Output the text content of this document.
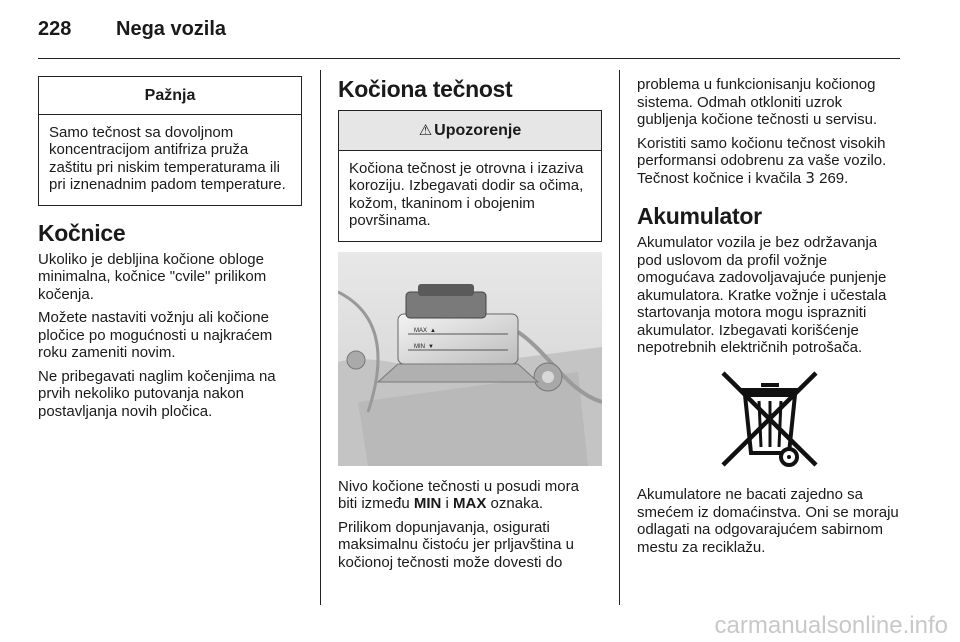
228 Nega vozila
Pažnja
Samo tečnost sa dovoljnom koncentracijom antifriza pruža zaštitu pri niskim temperaturama ili pri iznenadnim padom temperature.
Kočnice

Ukoliko je debljina kočione obloge minimalna, kočnice "cvile" prilikom kočenja.

Možete nastaviti vožnju ali kočione pločice po mogućnosti u najkraćem roku zameniti novim.

Ne pribegavati naglim kočenjima na prvih nekoliko putovanja nakon postavljanja novih pločica.

Kočiona tečnost
⚠ Upozorenje
Kočiona tečnost je otrovna i izaziva koroziju. Izbegavati dodir sa očima, kožom, tkaninom i obojenim površinama.
MAX ▲
MIN ▼

Nivo kočione tečnosti u posudi mora biti između MIN i MAX oznaka.

Prilikom dopunjavanja, osigurati maksimalnu čistoću jer prljavština u kočionoj tečnosti može dovesti do

problema u funkcionisanju kočionog sistema. Odmah otkloniti uzrok gubljenja kočione tečnosti u servisu.

Koristiti samo kočionu tečnost visokih performansi odobrenu za vaše vozilo. Tečnost kočnice i kvačila 3 269.

Akumulator

Akumulator vozila je bez održavanja pod uslovom da profil vožnje omogućava zadovoljavajuće punjenje akumulatora. Kratke vožnje i učestala startovanja motora mogu isprazniti akumulator. Izbegavati korišćenje nepotrebnih električnih potrošača.

Akumulatore ne bacati zajedno sa smećem iz domaćinstva. Oni se moraju odlagati na odgovarajućem sabirnom mestu za reciklažu.

carmanualsonline.info
